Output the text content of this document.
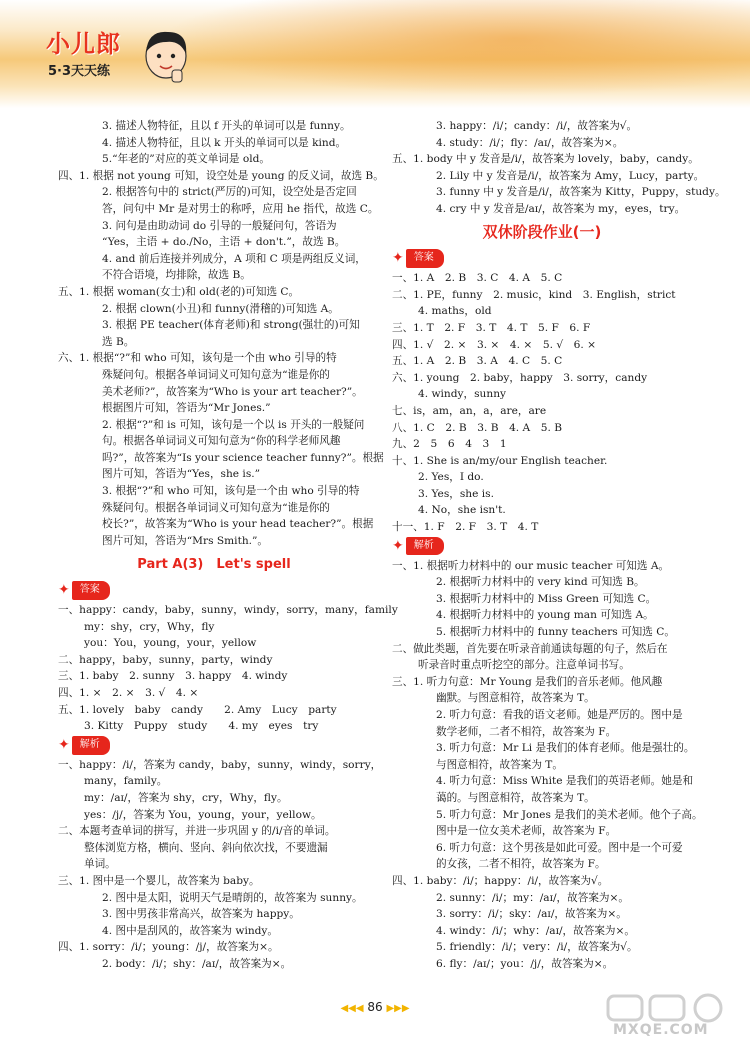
小儿郎
5·3天天练
3. 描述人物特征，且以 f 开头的单词可以是 funny。
4. 描述人物特征，且以 k 开头的单词可以是 kind。
5.“年老的”对应的英文单词是 old。
四、1. 根据 not young 可知，设空处是 young 的反义词，故选 B。
2. 根据答句中的 strict(严厉的)可知，设空处是否定回
答，问句中 Mr 是对男士的称呼，应用 he 指代，故选 C。
3. 问句是由助动词 do 引导的一般疑问句，答语为
“Yes，主语 + do./No，主语 + don't.”，故选 B。
4. and 前后连接并列成分，A 项和 C 项是两组反义词，
不符合语境，均排除，故选 B。
五、1. 根据 woman(女士)和 old(老的)可知选 C。
2. 根据 clown(小丑)和 funny(滑稽的)可知选 A。
3. 根据 PE teacher(体育老师)和 strong(强壮的)可知
选 B。
六、1. 根据“?”和 who 可知，该句是一个由 who 引导的特
殊疑问句。根据各单词词义可知句意为“谁是你的
美术老师?”，故答案为“Who is your art teacher?”。
根据图片可知，答语为“Mr Jones.”
2. 根据“?”和 is 可知，该句是一个以 is 开头的一般疑问
句。根据各单词词义可知句意为“你的科学老师风趣
吗?”，故答案为“Is your science teacher funny?”。根据
图片可知，答语为“Yes，she is.”
3. 根据“?”和 who 可知，该句是一个由 who 引导的特
殊疑问句。根据各单词词义可知句意为“谁是你的
校长?”，故答案为“Who is your head teacher?”。根据
图片可知，答语为“Mrs Smith.”。
Part A(3)　Let's spell
✦	答案
一、happy：candy，baby，sunny，windy，sorry，many，family
my：shy，cry，Why，fly
you：You，young，your，yellow
二、happy，baby，sunny，party，windy
三、1. baby　2. sunny　3. happy　4. windy
四、1. ×　2. ×　3. √　4. ×
五、1. lovely　baby　candy　　2. Amy　Lucy　party
3. Kitty　Puppy　study　　4. my　eyes　try
✦	解析
一、happy：/i/，答案为 candy，baby，sunny，windy，sorry，
many，family。
my：/aɪ/，答案为 shy，cry，Why，fly。
yes：/j/，答案为 You，young，your，yellow。
二、本题考查单词的拼写，并进一步巩固 y 的/i/音的单词。
整体浏览方格，横向、竖向、斜向依次找，不要遗漏
单词。
三、1. 图中是一个婴儿，故答案为 baby。
2. 图中是太阳，说明天气是晴朗的，故答案为 sunny。
3. 图中男孩非常高兴，故答案为 happy。
4. 图中是刮风的，故答案为 windy。
四、1. sorry：/i/；young：/j/，故答案为×。
2. body：/i/；shy：/aɪ/，故答案为×。
3. happy：/i/；candy：/i/，故答案为√。
4. study：/i/；fly：/aɪ/，故答案为×。
五、1. body 中 y 发音是/i/，故答案为 lovely，baby，candy。
2. Lily 中 y 发音是/i/，故答案为 Amy，Lucy，party。
3. funny 中 y 发音是/i/，故答案为 Kitty，Puppy，study。
4. cry 中 y 发音是/aɪ/，故答案为 my，eyes，try。
双休阶段作业(一)
✦	答案
一、1. A　2. B　3. C　4. A　5. C
二、1. PE，funny　2. music，kind　3. English，strict
4. maths，old
三、1. T　2. F　3. T　4. T　5. F　6. F
四、1. √　2. ×　3. ×　4. ×　5. √　6. ×
五、1. A　2. B　3. A　4. C　5. C
六、1. young　2. baby，happy　3. sorry，candy
4. windy，sunny
七、is，am，an，a，are，are
八、1. C　2. B　3. B　4. A　5. B
九、2　5　6　4　3　1
十、1. She is an/my/our English teacher.
2. Yes，I do.
3. Yes，she is.
4. No，she isn't.
十一、1. F　2. F　3. T　4. T
✦	解析
一、1. 根据听力材料中的 our music teacher 可知选 A。
2. 根据听力材料中的 very kind 可知选 B。
3. 根据听力材料中的 Miss Green 可知选 C。
4. 根据听力材料中的 young man 可知选 A。
5. 根据听力材料中的 funny teachers 可知选 C。
二、做此类题，首先要在听录音前通读每题的句子，然后在
听录音时重点听挖空的部分。注意单词书写。
三、1. 听力句意：Mr Young 是我们的音乐老师。他风趣
幽默。与图意相符，故答案为 T。
2. 听力句意：看我的语文老师。她是严厉的。图中是
数学老师，二者不相符，故答案为 F。
3. 听力句意：Mr Li 是我们的体育老师。他是强壮的。
与图意相符，故答案为 T。
4. 听力句意：Miss White 是我们的英语老师。她是和
蔼的。与图意相符，故答案为 T。
5. 听力句意：Mr Jones 是我们的美术老师。他个子高。
图中是一位女美术老师，故答案为 F。
6. 听力句意：这个男孩是如此可爱。图中是一个可爱
的女孩，二者不相符，故答案为 F。
四、1. baby：/i/；happy：/i/，故答案为√。
2. sunny：/i/；my：/aɪ/，故答案为×。
3. sorry：/i/；sky：/aɪ/，故答案为×。
4. windy：/i/；why：/aɪ/，故答案为×。
5. friendly：/i/；very：/i/，故答案为√。
6. fly：/aɪ/；you：/j/，故答案为×。
◀◀◀ 86 ▶▶▶
MXQE.COM
